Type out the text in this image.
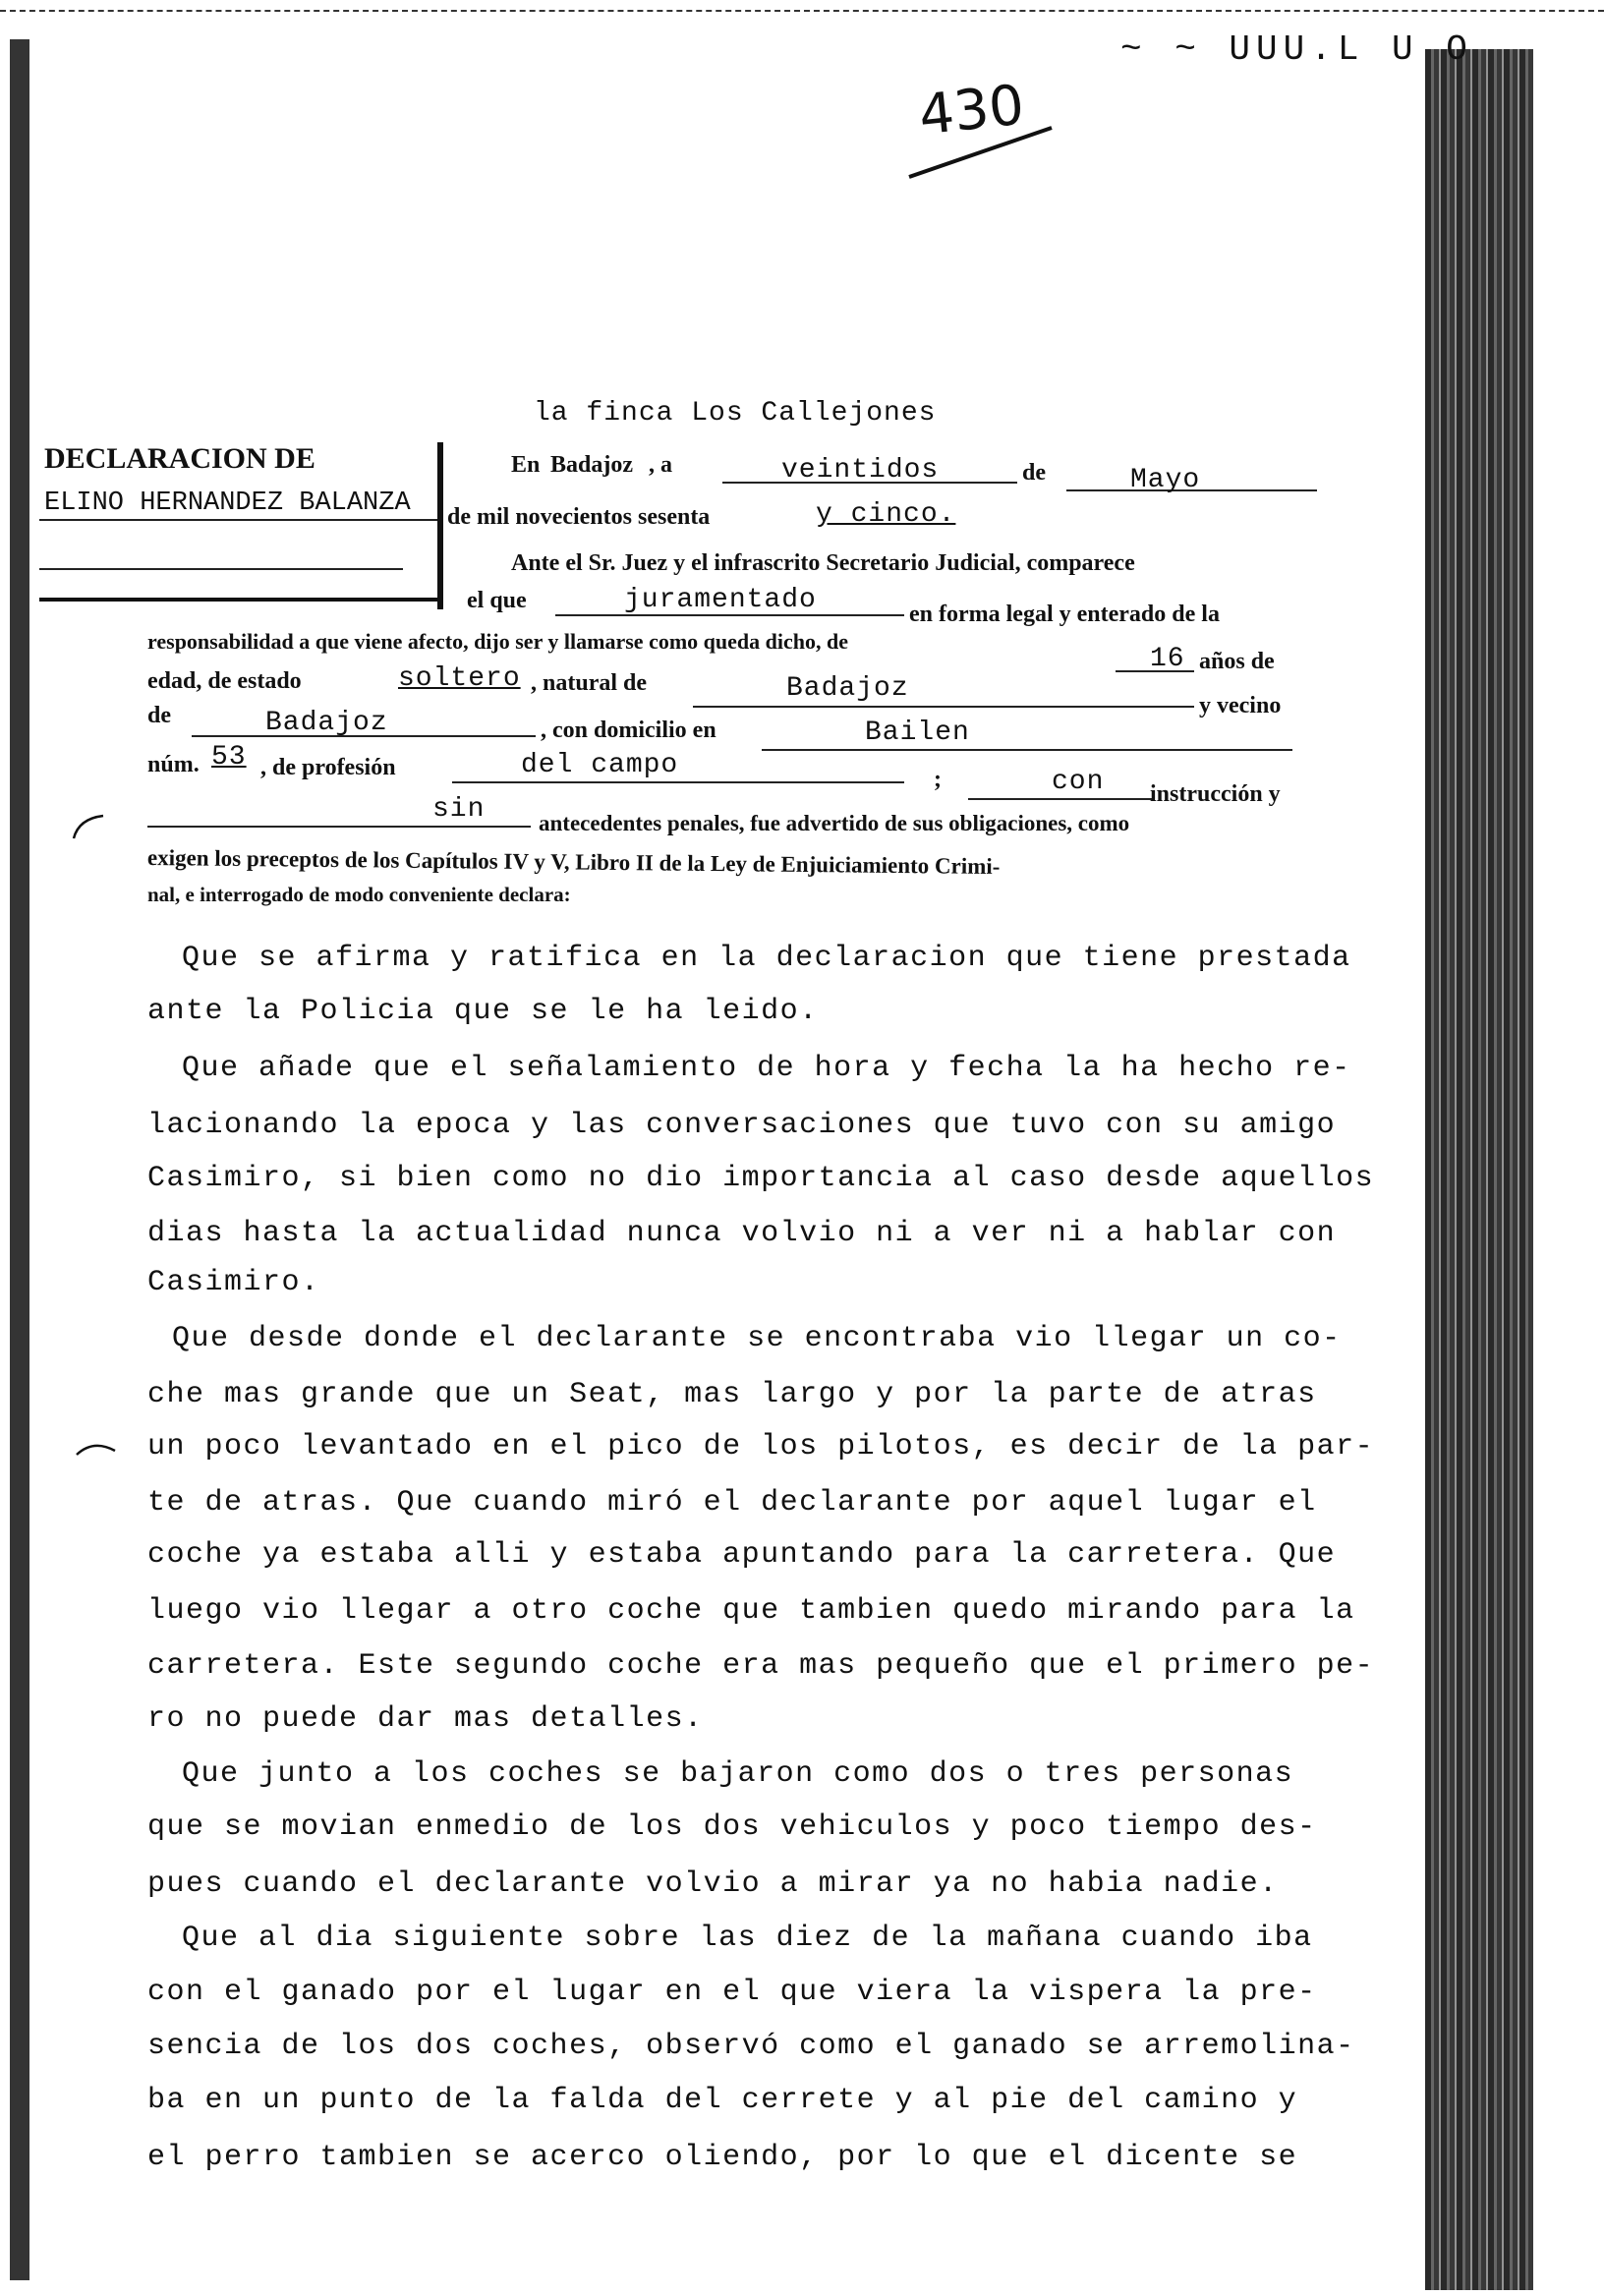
~ ~ UUU.L U O
430
la finca Los Callejones
DECLARACION DE
ELINO HERNANDEZ BALANZA
En Badajoz , a	veintidos	de	Mayo
de mil novecientos sesenta	y cinco.
Ante el Sr. Juez y el infrascrito Secretario Judicial, comparece
el que	juramentado	en forma legal y enterado de la
responsabilidad a que viene afecto, dijo ser y llamarse como queda dicho, de
16 años de
edad, de estado	soltero , natural de	Badajoz
y vecino
de	Badajoz	, con domicilio en	Bailen
núm. 53 , de profesión	del campo	;	con instrucción y
sin antecedentes penales, fue advertido de sus obligaciones, como
exigen los preceptos de los Capítulos IV y V, Libro II de la Ley de Enjuiciamiento Crimi-
nal, e interrogado de modo conveniente declara:
Que se afirma y ratifica en la declaracion que tiene prestada
ante la Policia que se le ha leido.
Que añade que el señalamiento de hora y fecha la ha hecho re-
lacionando la epoca y las conversaciones que tuvo con su amigo
Casimiro, si bien como no dio importancia al caso desde aquellos
dias hasta la actualidad nunca volvio ni a ver ni a hablar con
Casimiro.
Que desde donde el declarante se encontraba vio llegar un co-
che mas grande que un Seat, mas largo y por la parte de atras
un poco levantado en el pico de los pilotos, es decir de la par-
te de atras. Que cuando miró el declarante por aquel lugar el
coche ya estaba alli y estaba apuntando para la carretera. Que
luego vio llegar a otro coche que tambien quedo mirando para la
carretera. Este segundo coche era mas pequeño que el primero pe-
ro no puede dar mas detalles.
Que junto a los coches se bajaron como dos o tres personas
que se movian enmedio de los dos vehiculos y poco tiempo des-
pues cuando el declarante volvio a mirar ya no habia nadie.
Que al dia siguiente sobre las diez de la mañana cuando iba
con el ganado por el lugar en el que viera la vispera la pre-
sencia de los dos coches, observó como el ganado se arremolina-
ba en un punto de la falda del cerrete y al pie del camino y
el perro tambien se acerco oliendo, por lo que el dicente se
